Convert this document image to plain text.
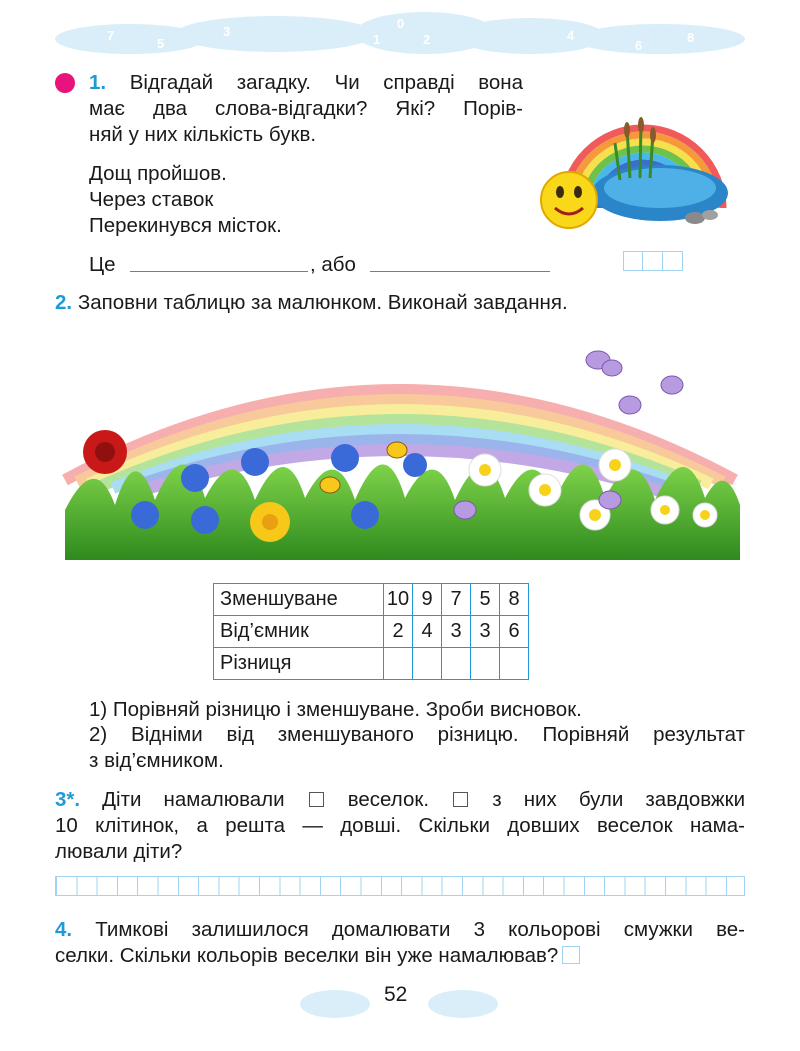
7
5
3
0
1	2	4
6
8
1. Відгадай загадку. Чи справді вона
має два слова-відгадки? Які? Порів-
няй у них кількість букв.
Дощ пройшов.
Через ставок
Перекинувся місток.
Це	, або
2. Заповни таблицю за малюнком. Виконай завдання.
Зменшуване	10	9	7	5	8
Від’ємник	2	4	3	3	6
Різниця					
1) Порівняй різницю і зменшуване. Зроби висновок.
2) Відніми від зменшуваного різницю. Порівняй результат
з від’ємником.
3*. Діти намалювали	веселок.	з них були завдовжки
10 клітинок, а решта — довші. Скільки довших веселок нама-
лювали діти?
4. Тимкові залишилося домалювати 3 кольорові смужки ве-
селки. Скільки кольорів веселки він уже намалював?
52
